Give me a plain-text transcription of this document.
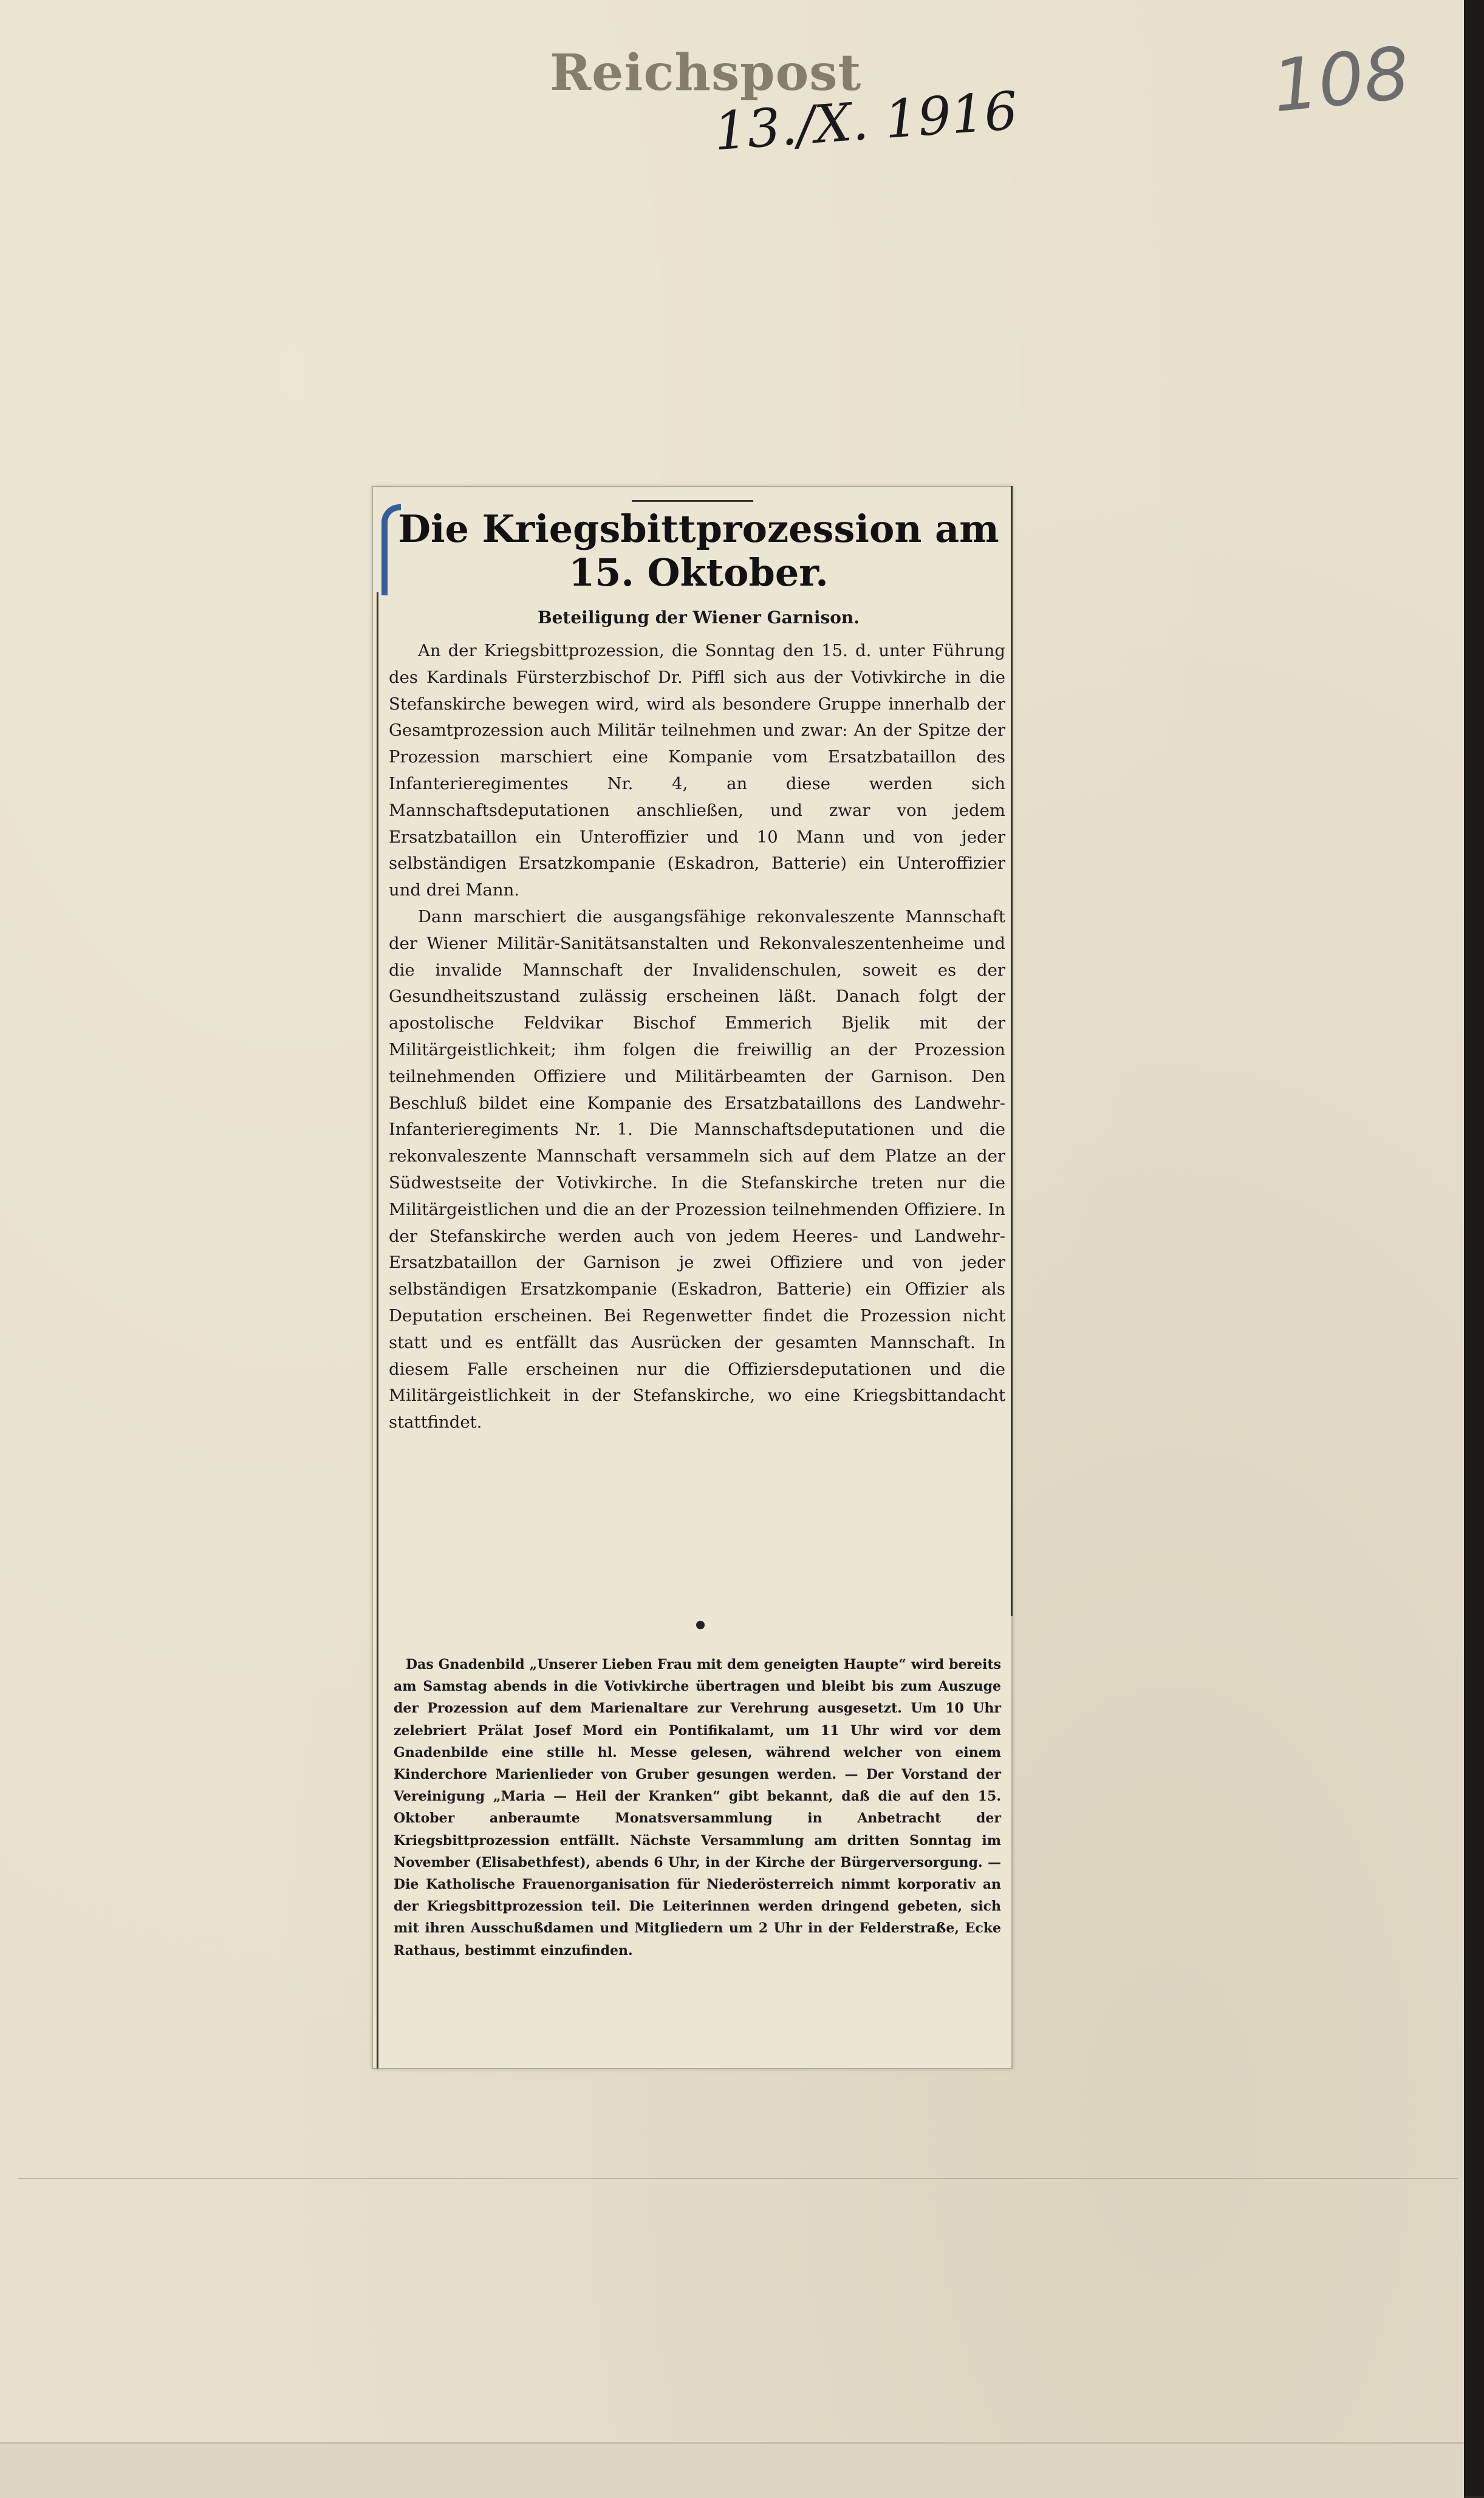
Reichspost
13./X. 1916	108
Die Kriegsbittprozession am 15. Oktober.
Beteiligung der Wiener Garnison.

An der Kriegsbittprozession, die Sonntag den 15. d. unter Führung des Kardinals Fürsterzbischof Dr. Piffl sich aus der Votivkirche in die Stefanskirche bewegen wird, wird als besondere Gruppe innerhalb der Gesamtprozession auch Militär teilnehmen und zwar: An der Spitze der Prozession marschiert eine Kompanie vom Ersatzbataillon des Infanterieregimentes Nr. 4, an diese werden sich Mannschaftsdeputationen anschließen, und zwar von jedem Ersatzbataillon ein Unteroffizier und 10 Mann und von jeder selbständigen Ersatzkompanie (Eskadron, Batterie) ein Unteroffizier und drei Mann.

Dann marschiert die ausgangsfähige rekonvaleszente Mannschaft der Wiener Militär-Sanitätsanstalten und Rekonvaleszentenheime und die invalide Mannschaft der Invalidenschulen, soweit es der Gesundheitszustand zulässig erscheinen läßt. Danach folgt der apostolische Feldvikar Bischof Emmerich Bjelik mit der Militärgeistlichkeit; ihm folgen die freiwillig an der Prozession teilnehmenden Offiziere und Militärbeamten der Garnison. Den Beschluß bildet eine Kompanie des Ersatzbataillons des Landwehr-Infanterieregiments Nr. 1. Die Mannschaftsdeputationen und die rekonvaleszente Mannschaft versammeln sich auf dem Platze an der Südwestseite der Votivkirche. In die Stefanskirche treten nur die Militärgeistlichen und die an der Prozession teilnehmenden Offiziere. In der Stefanskirche werden auch von jedem Heeres- und Landwehr-Ersatzbataillon der Garnison je zwei Offiziere und von jeder selbständigen Ersatzkompanie (Eskadron, Batterie) ein Offizier als Deputation erscheinen. Bei Regenwetter findet die Prozession nicht statt und es entfällt das Ausrücken der gesamten Mannschaft. In diesem Falle erscheinen nur die Offiziersdeputationen und die Militärgeistlichkeit in der Stefanskirche, wo eine Kriegsbittandacht stattfindet.

Das Gnadenbild „Unserer Lieben Frau mit dem geneigten Haupte“ wird bereits am Samstag abends in die Votivkirche übertragen und bleibt bis zum Auszuge der Prozession auf dem Marienaltare zur Verehrung ausgesetzt. Um 10 Uhr zelebriert Prälat Josef Mord ein Pontifikalamt, um 11 Uhr wird vor dem Gnadenbilde eine stille hl. Messe gelesen, während welcher von einem Kinderchore Marienlieder von Gruber gesungen werden. — Der Vorstand der Vereinigung „Maria — Heil der Kranken“ gibt bekannt, daß die auf den 15. Oktober anberaumte Monatsversammlung in Anbetracht der Kriegsbittprozession entfällt. Nächste Versammlung am dritten Sonntag im November (Elisabethfest), abends 6 Uhr, in der Kirche der Bürgerversorgung. — Die Katholische Frauenorganisation für Niederösterreich nimmt korporativ an der Kriegsbittprozession teil. Die Leiterinnen werden dringend gebeten, sich mit ihren Ausschußdamen und Mitgliedern um 2 Uhr in der Felderstraße, Ecke Rathaus, bestimmt einzufinden.
